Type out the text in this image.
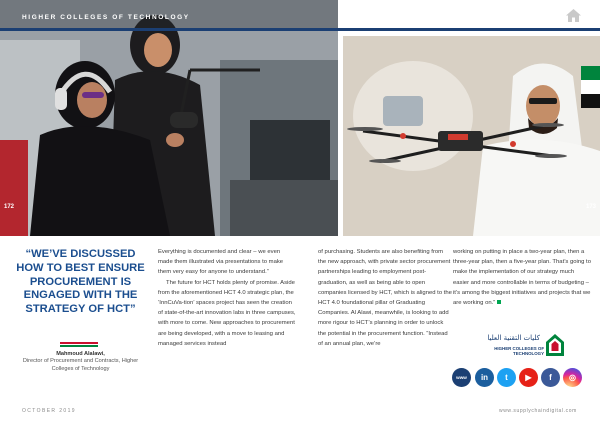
HIGHER COLLEGES OF TECHNOLOGY
172	173
“WE’VE DISCUSSED HOW TO BEST ENSURE PROCUREMENT IS ENGAGED WITH THE STRATEGY OF HCT”
Mahmoud Alalawi,
Director of Procurement and Contracts, Higher Colleges of Technology

Everything is documented and clear – we even made them illustrated via presentations to make them very easy for anyone to understand.”

The future for HCT holds plenty of promise. Aside from the aforementioned HCT 4.0 strategic plan, the ‘InnCuVa-tion’ spaces project has seen the creation of state-of-the-art innovation labs in three campuses, with more to come. New approaches to procurement are being developed, with a move to leasing and managed services instead

of purchasing. Students are also benefiting from the new approach, with private sector procurement partnerships leading to employment post-graduation, as well as being able to open companies licensed by HCT, which is aligned to the HCT 4.0 foundational pillar of Graduating Companies. Al Alawi, meanwhile, is looking to add more rigour to HCT’s planning in order to unlock the potential in the procurement function. “Instead of an annual plan, we’re

working on putting in place a two-year plan, then a three-year plan, then a five-year plan. That’s going to make the implementation of our strategy much easier and more controllable in terms of budgeting – it’s among the biggest initiatives and projects that we are working on.”

كليات التقنية العليا
HIGHER COLLEGES OF TECHNOLOGY
www	in	t	▶	f	◎
OCTOBER 2019	www.supplychaindigital.com
